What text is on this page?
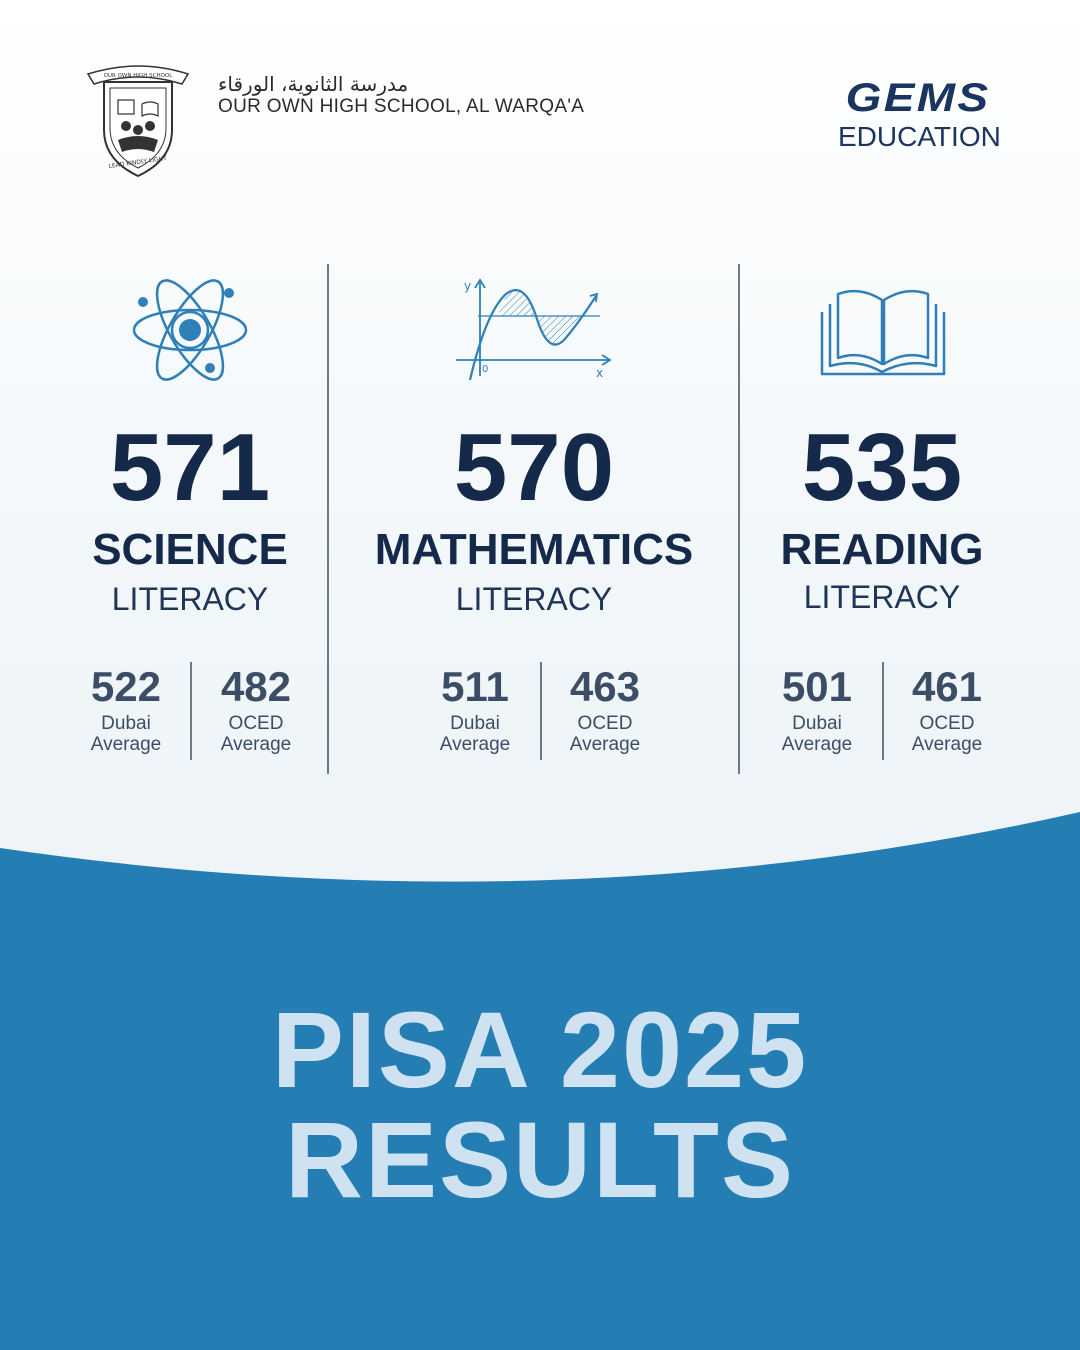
OUR OWN HIGH SCHOOL
LEAD KINDLY LIGHT
مدرسة الثانوية، الورقاء
OUR OWN HIGH SCHOOL, AL WARQA'A	GEMS
EDUCATION
571
SCIENCE
LITERACY
522
Dubai
Average
482
OCED
Average
y
x
0
570
MATHEMATICS
LITERACY
511
Dubai
Average
463
OCED
Average
535
READING
LITERACY
501
Dubai
Average
461
OCED
Average
PISA 2025
RESULTS
